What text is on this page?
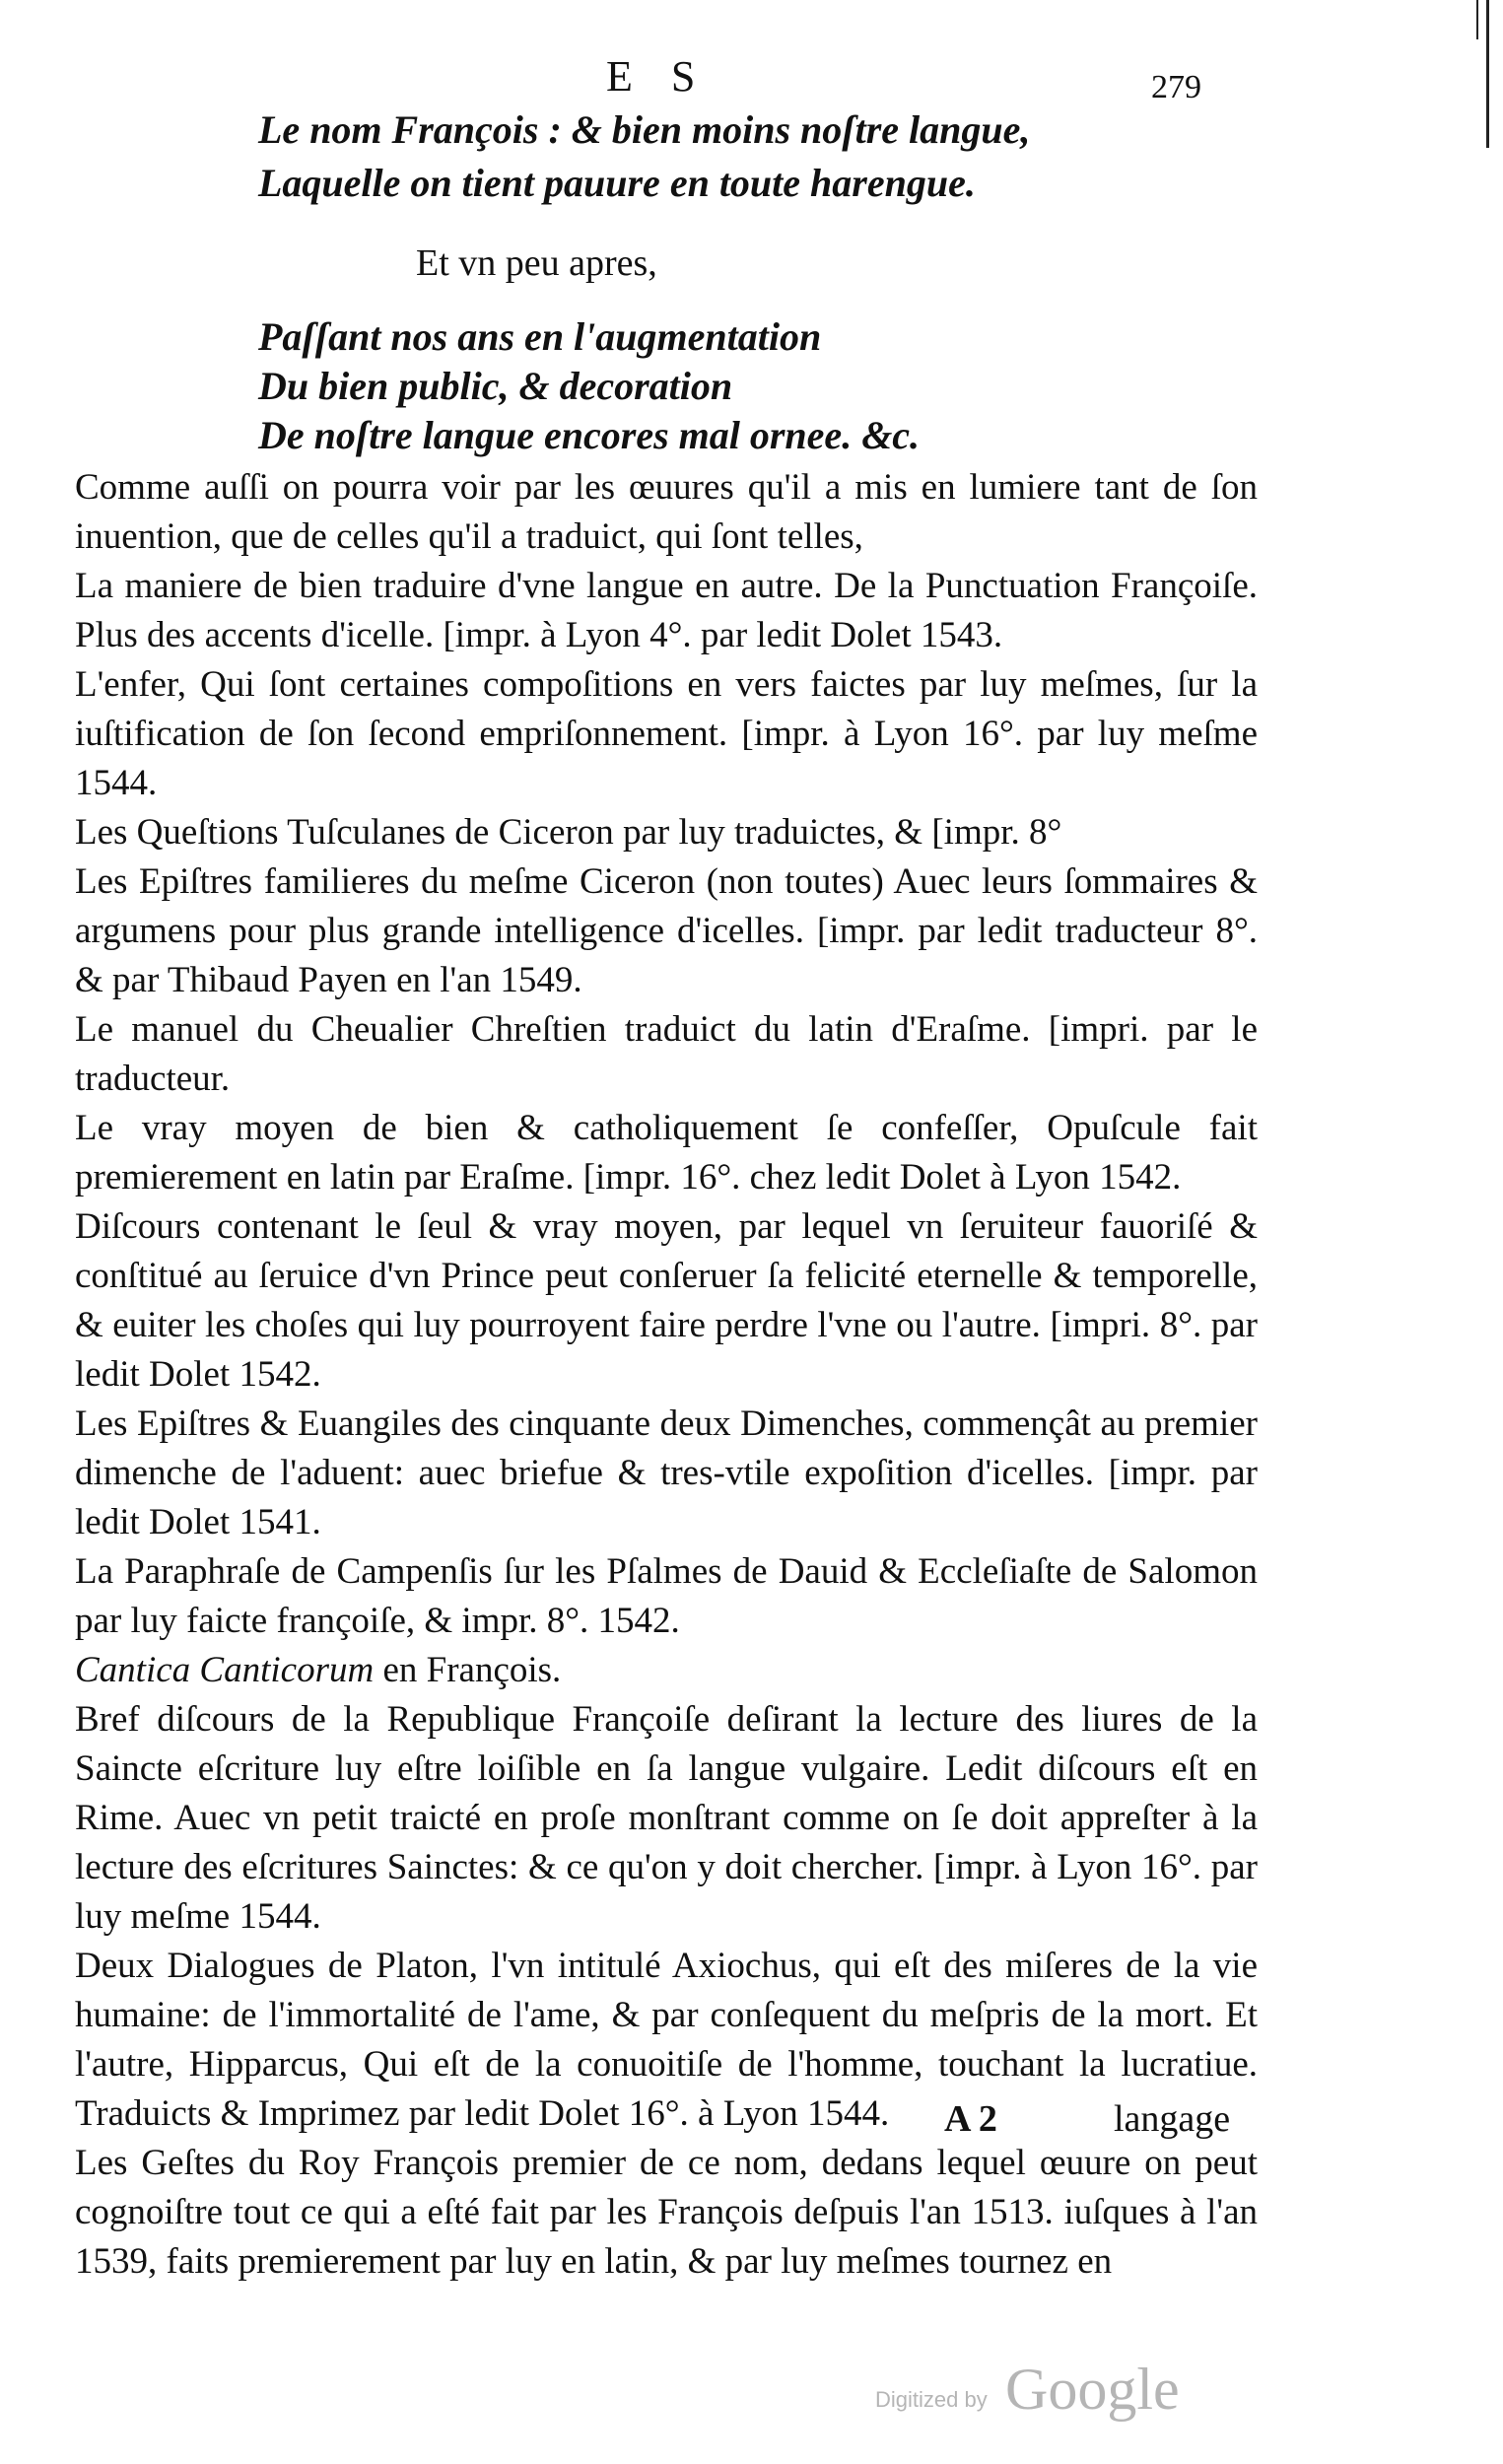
E S	279
Le nom François : & bien moins noſtre langue,
Laquelle on tient pauure en toute harengue.
Et vn peu apres,
Paſſant nos ans en l'augmentation
Du bien public, & decoration
De noſtre langue encores mal ornee. &c.

Comme auſſi on pourra voir par les œuures qu'il a mis en lumiere tant de ſon inuention, que de celles qu'il a traduict, qui ſont telles,

La maniere de bien traduire d'vne langue en autre. De la Punctuation Françoiſe. Plus des accents d'icelle. [impr. à Lyon 4°. par ledit Dolet 1543.

L'enfer, Qui ſont certaines compoſitions en vers faictes par luy meſmes, ſur la iuſtification de ſon ſecond empriſonnement. [impr. à Lyon 16°. par luy meſme 1544.

Les Queſtions Tuſculanes de Ciceron par luy traduictes, & [impr. 8°

Les Epiſtres familieres du meſme Ciceron (non toutes) Auec leurs ſommaires & argumens pour plus grande intelligence d'icelles. [impr. par ledit traducteur 8°. & par Thibaud Payen en l'an 1549.

Le manuel du Cheualier Chreſtien traduict du latin d'Eraſme. [impri. par le traducteur.

Le vray moyen de bien & catholiquement ſe confeſſer, Opuſcule fait premierement en latin par Eraſme. [impr. 16°. chez ledit Dolet à Lyon 1542.

Diſcours contenant le ſeul & vray moyen, par lequel vn ſeruiteur fauoriſé & conſtitué au ſeruice d'vn Prince peut conſeruer ſa felicité eternelle & temporelle, & euiter les choſes qui luy pourroyent faire perdre l'vne ou l'autre. [impri. 8°. par ledit Dolet 1542.

Les Epiſtres & Euangiles des cinquante deux Dimenches, commençât au premier dimenche de l'aduent: auec briefue & tres-vtile expoſition d'icelles. [impr. par ledit Dolet 1541.

La Paraphraſe de Campenſis ſur les Pſalmes de Dauid & Eccleſiaſte de Salomon par luy faicte françoiſe, & impr. 8°. 1542.

Cantica Canticorum en François.

Bref diſcours de la Republique Françoiſe deſirant la lecture des liures de la Saincte eſcriture luy eſtre loiſible en ſa langue vulgaire. Ledit diſcours eſt en Rime. Auec vn petit traicté en proſe monſtrant comme on ſe doit appreſter à la lecture des eſcritures Sainctes: & ce qu'on y doit chercher. [impr. à Lyon 16°. par luy meſme 1544.

Deux Dialogues de Platon, l'vn intitulé Axiochus, qui eſt des miſeres de la vie humaine: de l'immortalité de l'ame, & par conſequent du meſpris de la mort. Et l'autre, Hipparcus, Qui eſt de la conuoitiſe de l'homme, touchant la lucratiue. Traduicts & Imprimez par ledit Dolet 16°. à Lyon 1544.

Les Geſtes du Roy François premier de ce nom, dedans lequel œuure on peut cognoiſtre tout ce qui a eſté fait par les François deſpuis l'an 1513. iuſques à l'an 1539, faits premierement par luy en latin, & par luy meſmes tournez en

A 2	langage
Digitized by Google
